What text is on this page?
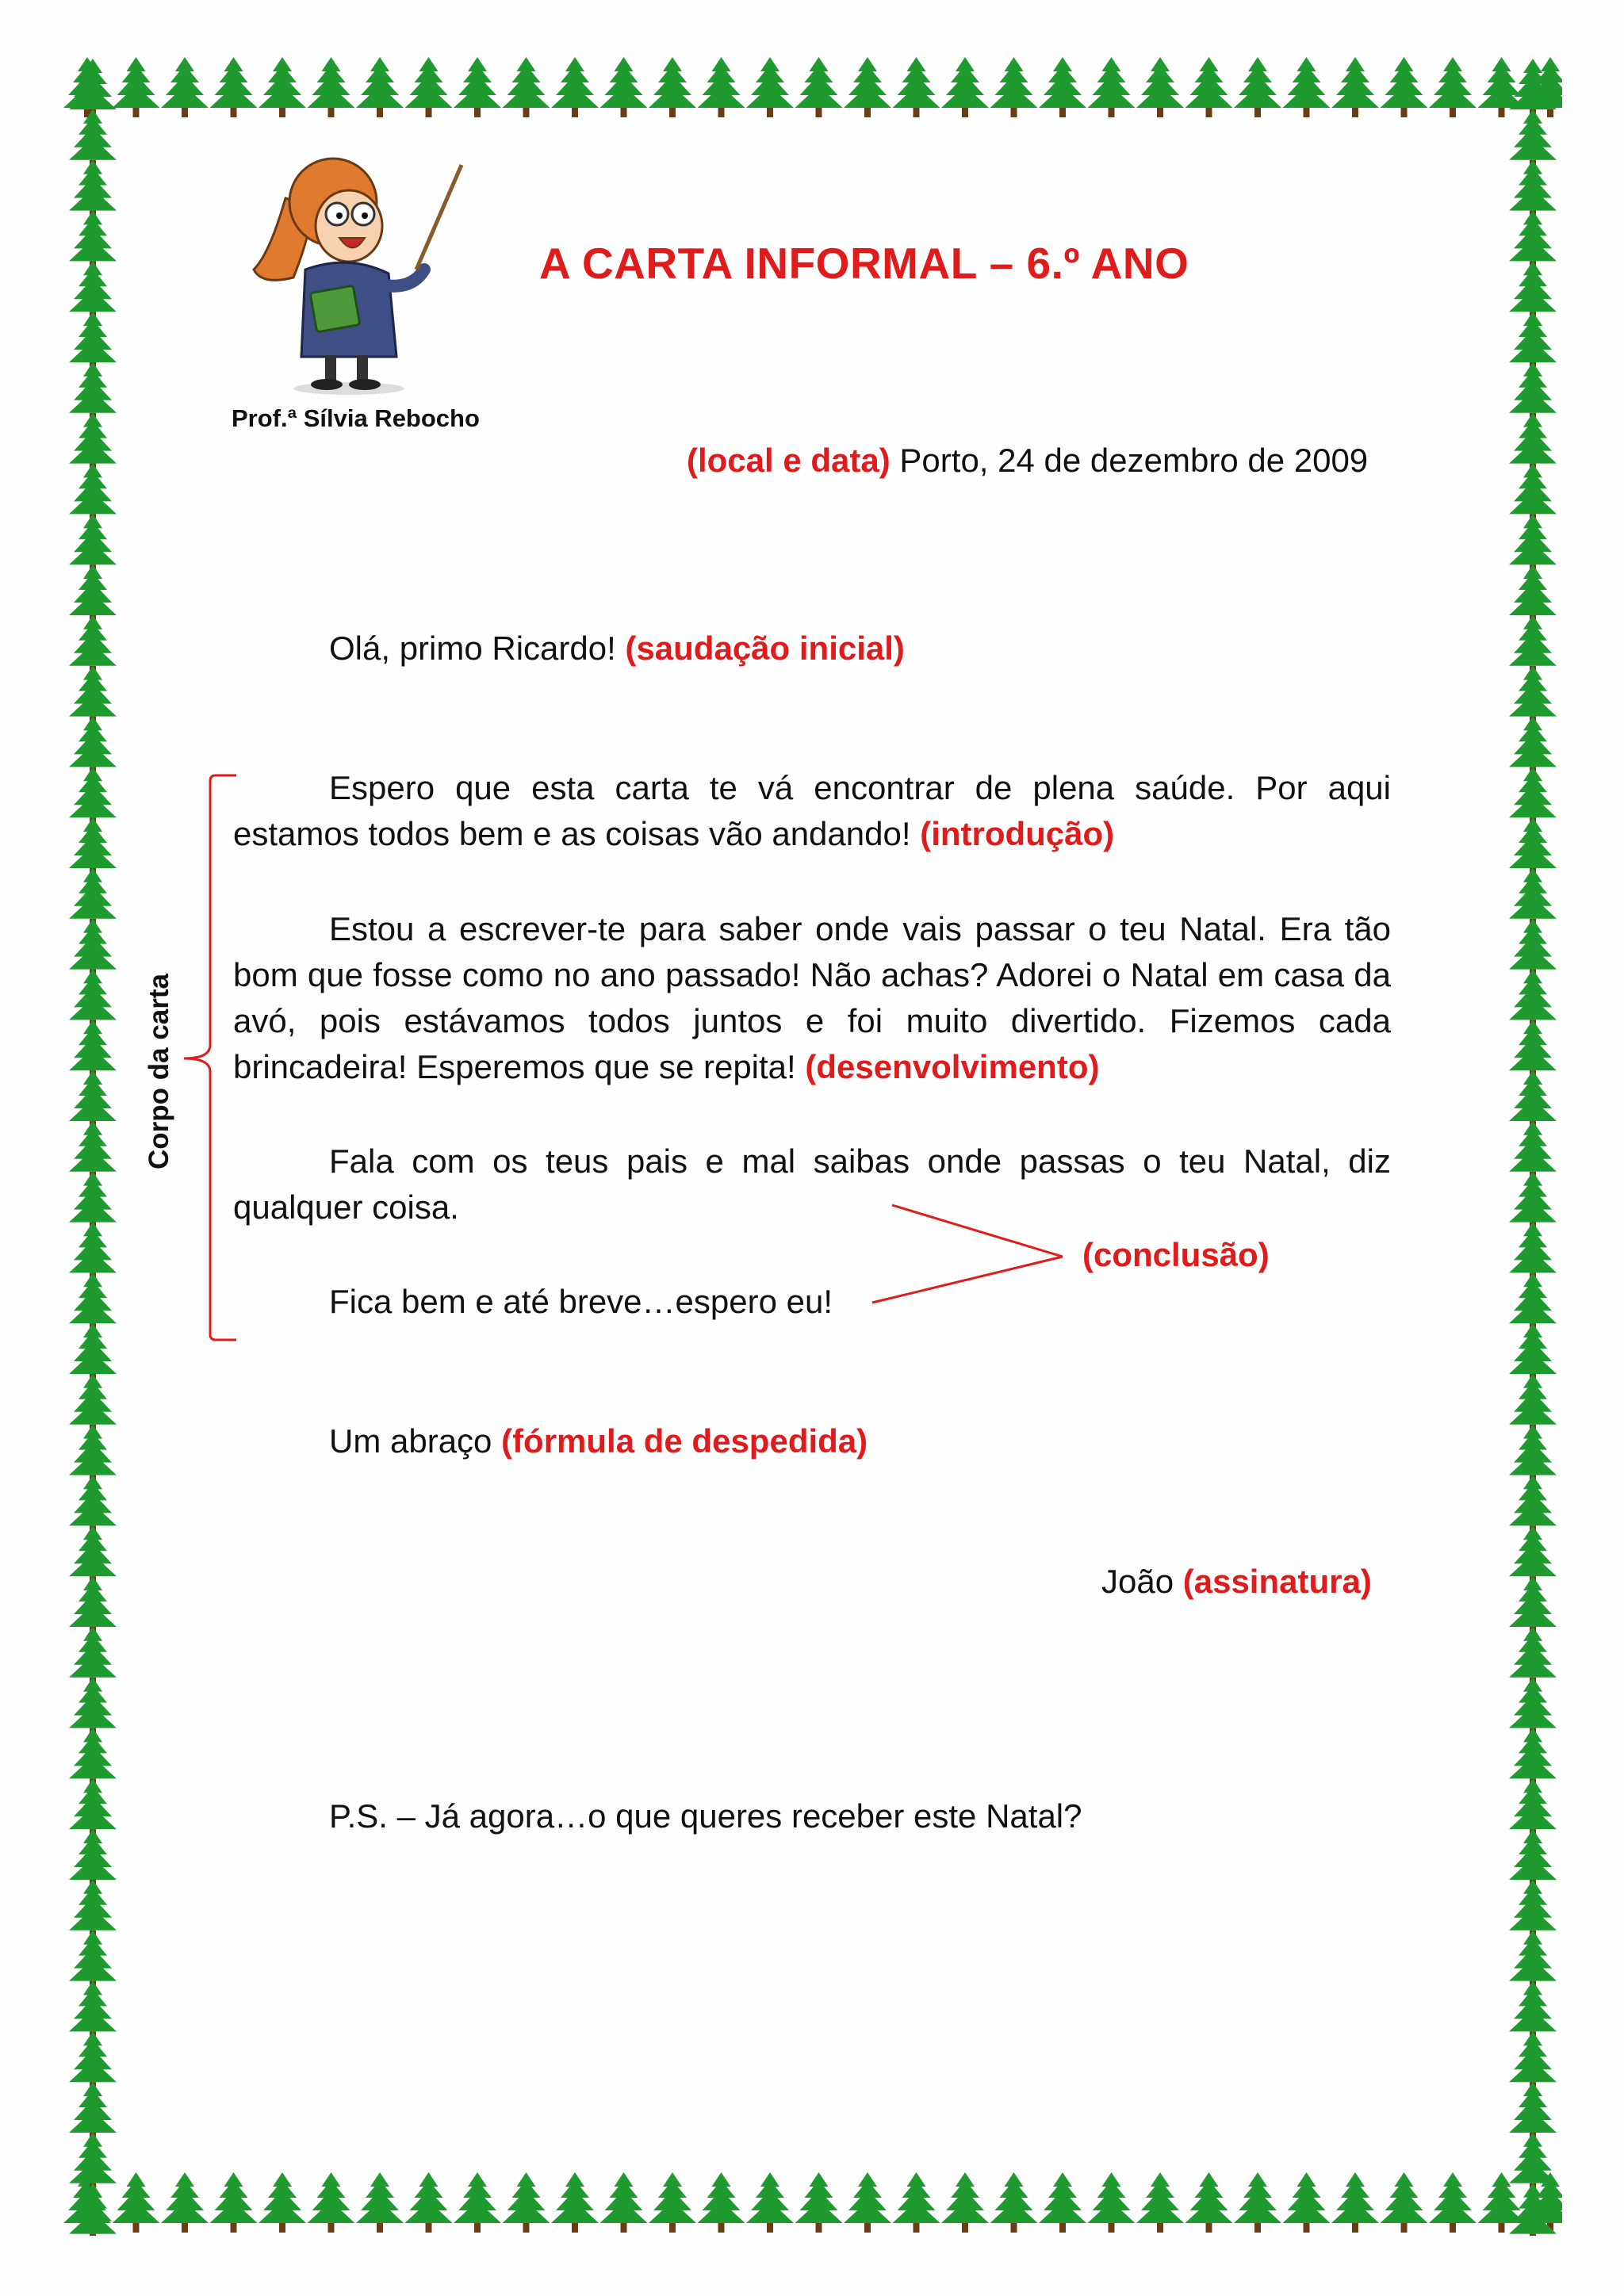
Prof.ª Sílvia Rebocho
A CARTA INFORMAL – 6.º ANO
(local e data) Porto, 24 de dezembro de 2009
Olá, primo Ricardo! (saudação inicial)
Espero que esta carta te vá encontrar de plena saúde. Por aqui estamos todos bem e as coisas vão andando! (introdução)
Estou a escrever-te para saber onde vais passar o teu Natal. Era tão bom que fosse como no ano passado! Não achas? Adorei o Natal em casa da avó, pois estávamos todos juntos e foi muito divertido. Fizemos cada brincadeira! Esperemos que se repita! (desenvolvimento)
Fala com os teus pais e mal saibas onde passas o teu Natal, diz qualquer coisa.
Fica bem e até breve…espero eu!
(conclusão)
Um abraço (fórmula de despedida)
João (assinatura)
P.S. – Já agora…o que queres receber este Natal?
Corpo da carta
